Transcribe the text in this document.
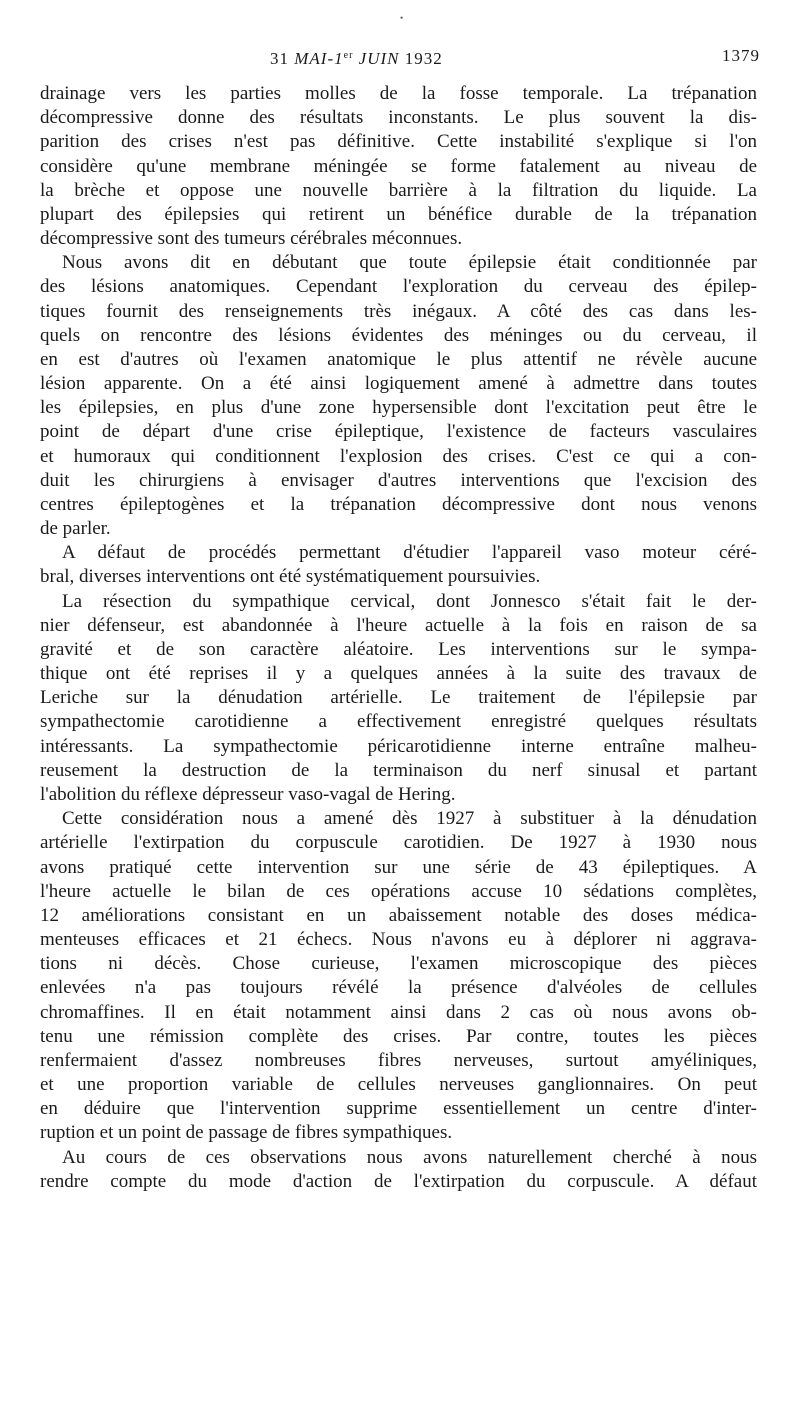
•
31 MAI-1er JUIN 1932	1379
drainage vers les parties molles de la fosse temporale. La trépanation
décompressive donne des résultats inconstants. Le plus souvent la dis-
parition des crises n'est pas définitive. Cette instabilité s'explique si l'on
considère qu'une membrane méningée se forme fatalement au niveau de
la brèche et oppose une nouvelle barrière à la filtration du liquide. La
plupart des épilepsies qui retirent un bénéfice durable de la trépanation
décompressive sont des tumeurs cérébrales méconnues.
Nous avons dit en débutant que toute épilepsie était conditionnée par
des lésions anatomiques. Cependant l'exploration du cerveau des épilep-
tiques fournit des renseignements très inégaux. A côté des cas dans les-
quels on rencontre des lésions évidentes des méninges ou du cerveau, il
en est d'autres où l'examen anatomique le plus attentif ne révèle aucune
lésion apparente. On a été ainsi logiquement amené à admettre dans toutes
les épilepsies, en plus d'une zone hypersensible dont l'excitation peut être le
point de départ d'une crise épileptique, l'existence de facteurs vasculaires
et humoraux qui conditionnent l'explosion des crises. C'est ce qui a con-
duit les chirurgiens à envisager d'autres interventions que l'excision des
centres épileptogènes et la trépanation décompressive dont nous venons
de parler.
A défaut de procédés permettant d'étudier l'appareil vaso moteur céré-
bral, diverses interventions ont été systématiquement poursuivies.
La résection du sympathique cervical, dont Jonnesco s'était fait le der-
nier défenseur, est abandonnée à l'heure actuelle à la fois en raison de sa
gravité et de son caractère aléatoire. Les interventions sur le sympa-
thique ont été reprises il y a quelques années à la suite des travaux de
Leriche sur la dénudation artérielle. Le traitement de l'épilepsie par
sympathectomie carotidienne a effectivement enregistré quelques résultats
intéressants. La sympathectomie péricarotidienne interne entraîne malheu-
reusement la destruction de la terminaison du nerf sinusal et partant
l'abolition du réflexe dépresseur vaso-vagal de Hering.
Cette considération nous a amené dès 1927 à substituer à la dénudation
artérielle l'extirpation du corpuscule carotidien. De 1927 à 1930 nous
avons pratiqué cette intervention sur une série de 43 épileptiques. A
l'heure actuelle le bilan de ces opérations accuse 10 sédations complètes,
12 améliorations consistant en un abaissement notable des doses médica-
menteuses efficaces et 21 échecs. Nous n'avons eu à déplorer ni aggrava-
tions ni décès. Chose curieuse, l'examen microscopique des pièces
enlevées n'a pas toujours révélé la présence d'alvéoles de cellules
chromaffines. Il en était notamment ainsi dans 2 cas où nous avons ob-
tenu une rémission complète des crises. Par contre, toutes les pièces
renfermaient d'assez nombreuses fibres nerveuses, surtout amyéliniques,
et une proportion variable de cellules nerveuses ganglionnaires. On peut
en déduire que l'intervention supprime essentiellement un centre d'inter-
ruption et un point de passage de fibres sympathiques.
Au cours de ces observations nous avons naturellement cherché à nous
rendre compte du mode d'action de l'extirpation du corpuscule. A défaut
